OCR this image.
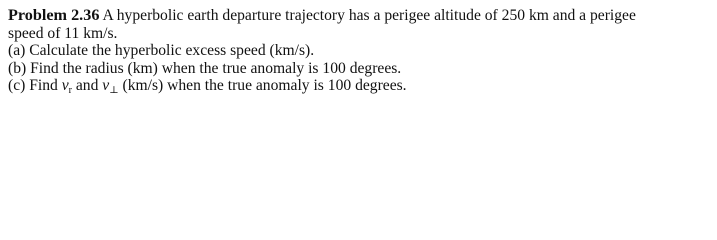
Problem 2.36 A hyperbolic earth departure trajectory has a perigee altitude of 250 km and a perigee
speed of 11 km/s.
(a) Calculate the hyperbolic excess speed (km/s).
(b) Find the radius (km) when the true anomaly is 100 degrees.
(c) Find $v_r$ and $v_\perp$ (km/s) when the true anomaly is 100 degrees.
